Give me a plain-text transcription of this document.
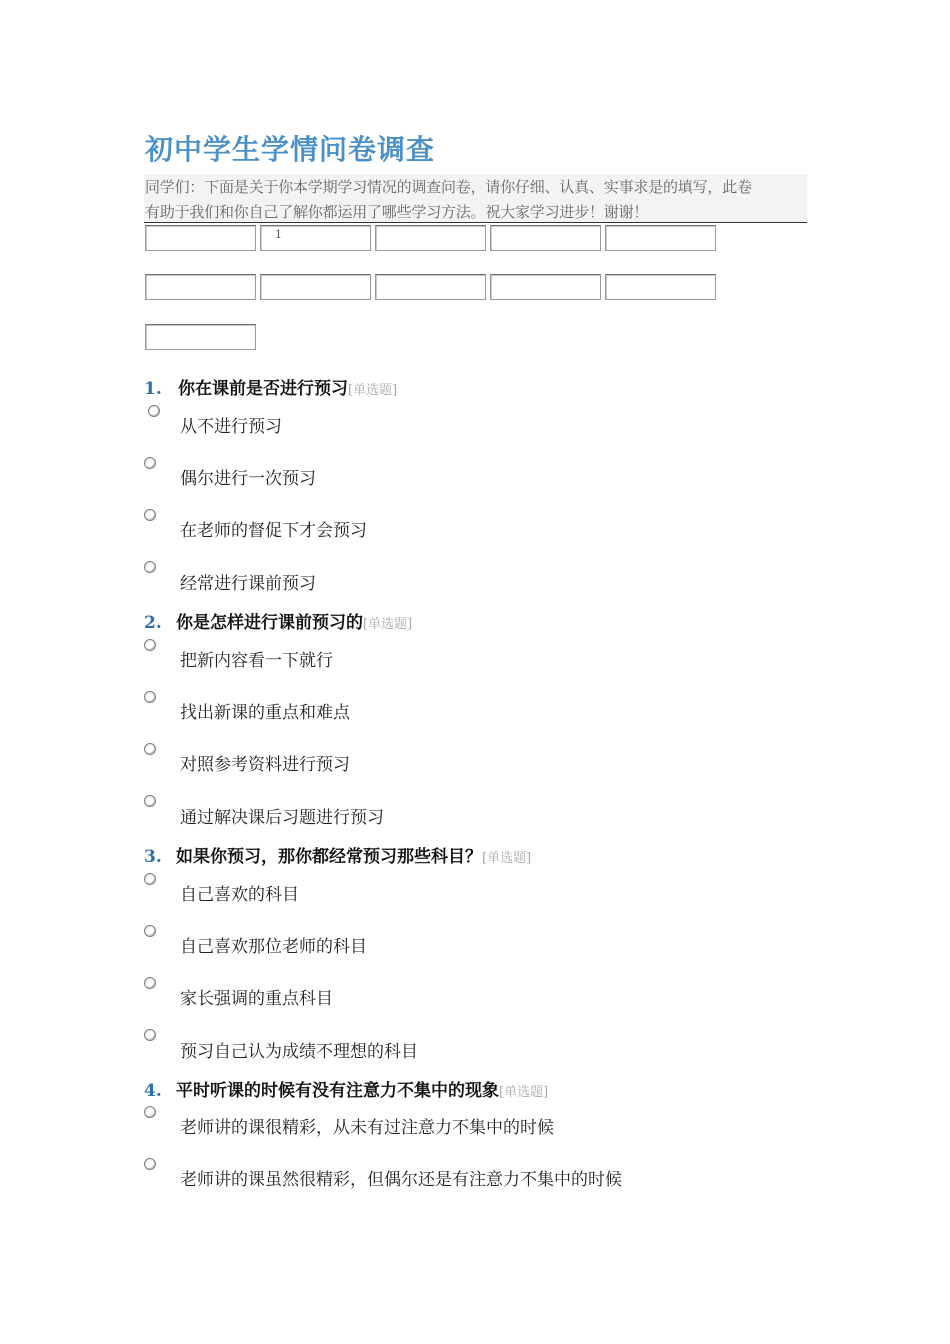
初中学生学情问卷调查
同学们：下面是关于你本学期学习情况的调查问卷，请你仔细、认真、实事求是的填写，此卷
有助于我们和你自己了解你都运用了哪些学习方法。祝大家学习进步！谢谢！
1
1. 你在课前是否进行预习[单选题]
从不进行预习
偶尔进行一次预习
在老师的督促下才会预习
经常进行课前预习
2. 你是怎样进行课前预习的[单选题]
把新内容看一下就行
找出新课的重点和难点
对照参考资料进行预习
通过解决课后习题进行预习
3. 如果你预习，那你都经常预习那些科目？[单选题]
自己喜欢的科目
自己喜欢那位老师的科目
家长强调的重点科目
预习自己认为成绩不理想的科目
4. 平时听课的时候有没有注意力不集中的现象[单选题]
老师讲的课很精彩，从未有过注意力不集中的时候
老师讲的课虽然很精彩，但偶尔还是有注意力不集中的时候
